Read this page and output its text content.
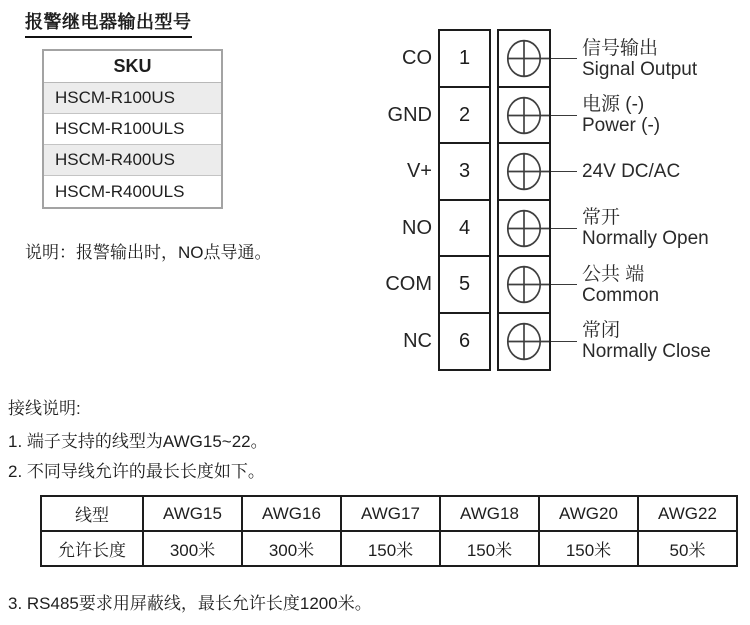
报警继电器输出型号
SKU
HSCM-R100US
HSCM-R100ULS
HSCM-R400US
HSCM-R400ULS
说明：报警输出时，NO点导通。
CO	1	信号输出
Signal Output
GND	2	电源 (-)
Power (-)
V+	3	24V DC/AC
NO	4	常开
Normally Open
COM	5	公共 端
Common
NC	6	常闭
Normally Close
接线说明:
1. 端子支持的线型为AWG15~22。
2. 不同导线允许的最长长度如下。
线型	AWG15	AWG16	AWG17	AWG18	AWG20	AWG22
允许长度	300米	300米	150米	150米	150米	50米
3. RS485要求用屏蔽线，最长允许长度1200米。
